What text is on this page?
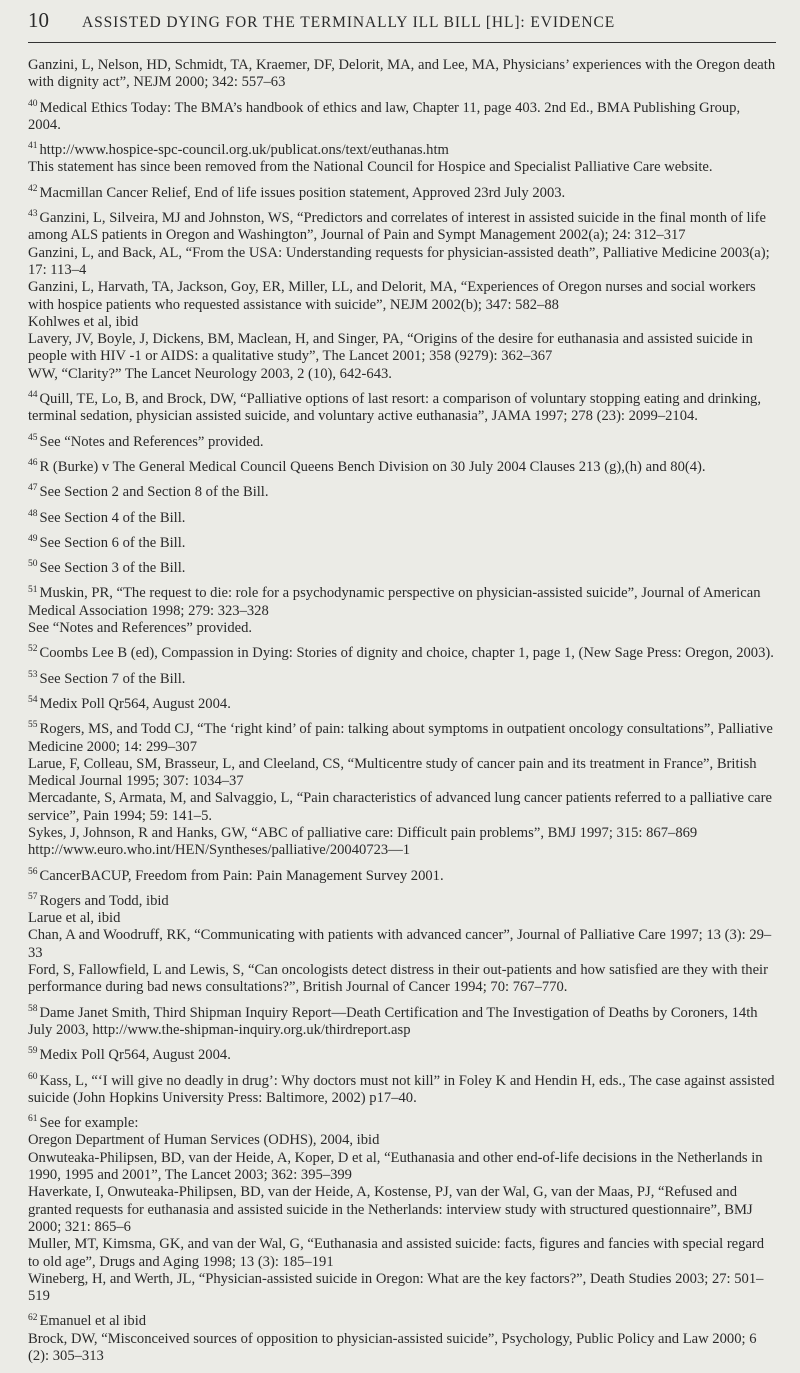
10	ASSISTED DYING FOR THE TERMINALLY ILL BILL [HL]: EVIDENCE

Ganzini, L, Nelson, HD, Schmidt, TA, Kraemer, DF, Delorit, MA, and Lee, MA, Physicians’ experiences with the Oregon death with dignity act”, NEJM 2000; 342: 557–63

$^{40}$ Medical Ethics Today: The BMA’s handbook of ethics and law, Chapter 11, page 403. 2nd Ed., BMA Publishing Group, 2004.

$^{41}$ http://www.hospice-spc-council.org.uk/publicat.ons/text/euthanas.htm

This statement has since been removed from the National Council for Hospice and Specialist Palliative Care website.

$^{42}$ Macmillan Cancer Relief, End of life issues position statement, Approved 23rd July 2003.

$^{43}$ Ganzini, L, Silveira, MJ and Johnston, WS, “Predictors and correlates of interest in assisted suicide in the final month of life among ALS patients in Oregon and Washington”, Journal of Pain and Sympt Management 2002(a); 24: 312–317

Ganzini, L, and Back, AL, “From the USA: Understanding requests for physician-assisted death”, Palliative Medicine 2003(a); 17: 113–4

Ganzini, L, Harvath, TA, Jackson, Goy, ER, Miller, LL, and Delorit, MA, “Experiences of Oregon nurses and social workers with hospice patients who requested assistance with suicide”, NEJM 2002(b); 347: 582–88

Kohlwes et al, ibid

Lavery, JV, Boyle, J, Dickens, BM, Maclean, H, and Singer, PA, “Origins of the desire for euthanasia and assisted suicide in people with HIV -1 or AIDS: a qualitative study”, The Lancet 2001; 358 (9279): 362–367

WW, “Clarity?” The Lancet Neurology 2003, 2 (10), 642-643.

$^{44}$ Quill, TE, Lo, B, and Brock, DW, “Palliative options of last resort: a comparison of voluntary stopping eating and drinking, terminal sedation, physician assisted suicide, and voluntary active euthanasia”, JAMA 1997; 278 (23): 2099–2104.

$^{45}$ See “Notes and References” provided.

$^{46}$ R (Burke) v The General Medical Council Queens Bench Division on 30 July 2004 Clauses 213 (g),(h) and 80(4).

$^{47}$ See Section 2 and Section 8 of the Bill.

$^{48}$ See Section 4 of the Bill.

$^{49}$ See Section 6 of the Bill.

$^{50}$ See Section 3 of the Bill.

$^{51}$ Muskin, PR, “The request to die: role for a psychodynamic perspective on physician-assisted suicide”, Journal of American Medical Association 1998; 279: 323–328

See “Notes and References” provided.

$^{52}$ Coombs Lee B (ed), Compassion in Dying: Stories of dignity and choice, chapter 1, page 1, (New Sage Press: Oregon, 2003).

$^{53}$ See Section 7 of the Bill.

$^{54}$ Medix Poll Qr564, August 2004.

$^{55}$ Rogers, MS, and Todd CJ, “The ‘right kind’ of pain: talking about symptoms in outpatient oncology consultations”, Palliative Medicine 2000; 14: 299–307

Larue, F, Colleau, SM, Brasseur, L, and Cleeland, CS, “Multicentre study of cancer pain and its treatment in France”, British Medical Journal 1995; 307: 1034–37

Mercadante, S, Armata, M, and Salvaggio, L, “Pain characteristics of advanced lung cancer patients referred to a palliative care service”, Pain 1994; 59: 141–5.

Sykes, J, Johnson, R and Hanks, GW, “ABC of palliative care: Difficult pain problems”, BMJ 1997; 315: 867–869

http://www.euro.who.int/HEN/Syntheses/palliative/20040723—1

$^{56}$ CancerBACUP, Freedom from Pain: Pain Management Survey 2001.

$^{57}$ Rogers and Todd, ibid

Larue et al, ibid

Chan, A and Woodruff, RK, “Communicating with patients with advanced cancer”, Journal of Palliative Care 1997; 13 (3): 29–33

Ford, S, Fallowfield, L and Lewis, S, “Can oncologists detect distress in their out-patients and how satisfied are they with their performance during bad news consultations?”, British Journal of Cancer 1994; 70: 767–770.

$^{58}$ Dame Janet Smith, Third Shipman Inquiry Report—Death Certification and The Investigation of Deaths by Coroners, 14th July 2003, http://www.the-shipman-inquiry.org.uk/thirdreport.asp

$^{59}$ Medix Poll Qr564, August 2004.

$^{60}$ Kass, L, “‘I will give no deadly in drug’: Why doctors must not kill” in Foley K and Hendin H, eds., The case against assisted suicide (John Hopkins University Press: Baltimore, 2002) p17–40.

$^{61}$ See for example:

Oregon Department of Human Services (ODHS), 2004, ibid

Onwuteaka-Philipsen, BD, van der Heide, A, Koper, D et al, “Euthanasia and other end-of-life decisions in the Netherlands in 1990, 1995 and 2001”, The Lancet 2003; 362: 395–399

Haverkate, I, Onwuteaka-Philipsen, BD, van der Heide, A, Kostense, PJ, van der Wal, G, van der Maas, PJ, “Refused and granted requests for euthanasia and assisted suicide in the Netherlands: interview study with structured questionnaire”, BMJ 2000; 321: 865–6

Muller, MT, Kimsma, GK, and van der Wal, G, “Euthanasia and assisted suicide: facts, figures and fancies with special regard to old age”, Drugs and Aging 1998; 13 (3): 185–191

Wineberg, H, and Werth, JL, “Physician-assisted suicide in Oregon: What are the key factors?”, Death Studies 2003; 27: 501–519

$^{62}$ Emanuel et al ibid

Brock, DW, “Misconceived sources of opposition to physician-assisted suicide”, Psychology, Public Policy and Law 2000; 6 (2): 305–313
